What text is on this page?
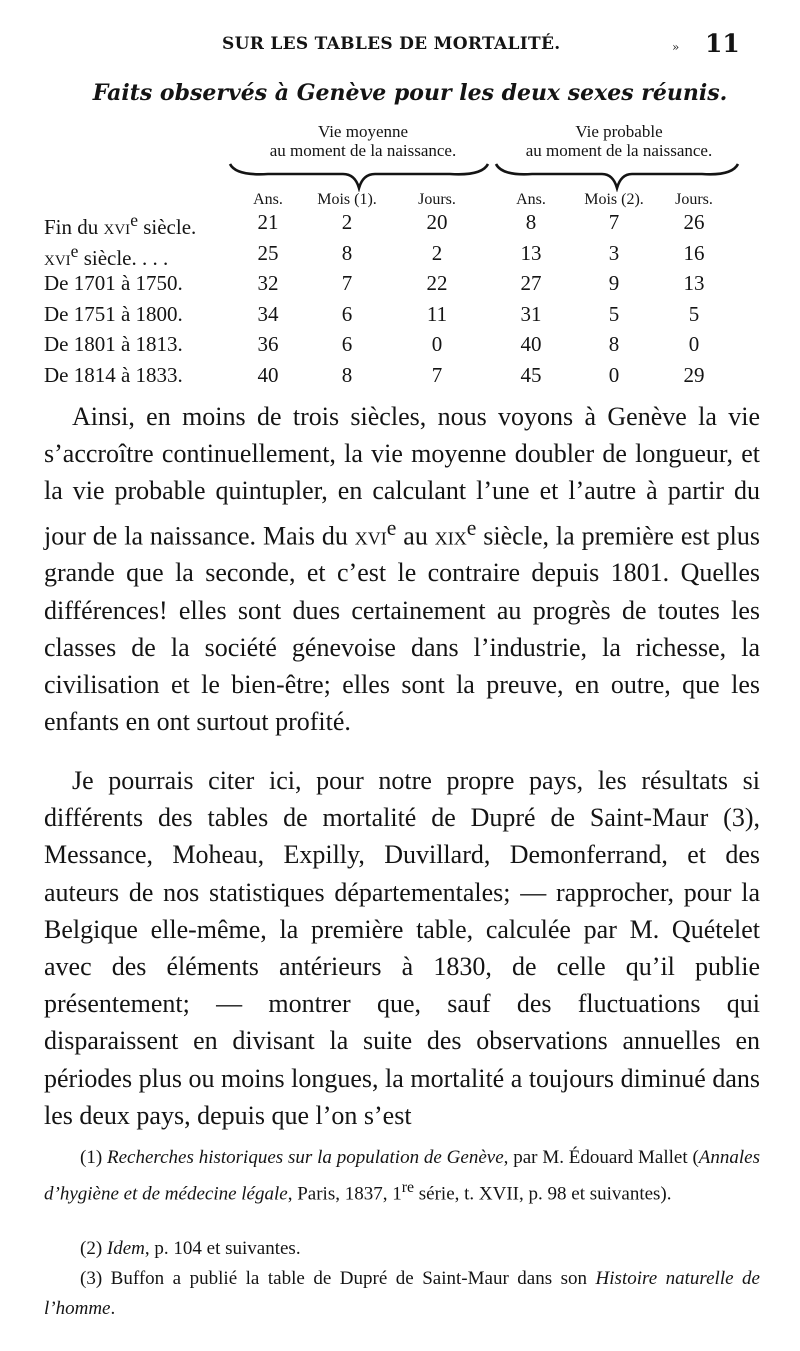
SUR LES TABLES DE MORTALITÉ.	» 11
Faits observés à Genève pour les deux sexes réunis.
Vie moyenne
au moment de la naissance.
Vie probable
au moment de la naissance.
Ans.	Mois (1).	Jours.	Ans.	Mois (2).	Jours.
Fin du xvi$^e$ siècle.	21	2	20	8	7	26
xvi$^e$ siècle. . . .	25	8	2	13	3	16
De 1701 à 1750.	32	7	22	27	9	13
De 1751 à 1800.	34	6	11	31	5	5
De 1801 à 1813.	36	6	0	40	8	0
De 1814 à 1833.	40	8	7	45	0	29

Ainsi, en moins de trois siècles, nous voyons à Genève la vie s’accroître continuellement, la vie moyenne doubler de longueur, et la vie probable quintupler, en calculant l’une et l’autre à partir du jour de la naissance. Mais du xvi$^e$ au xix$^e$ siècle, la première est plus grande que la seconde, et c’est le contraire depuis 1801. Quelles différences! elles sont dues certainement au progrès de toutes les classes de la société génevoise dans l’industrie, la richesse, la civilisation et le bien-être; elles sont la preuve, en outre, que les enfants en ont surtout profité.

Je pourrais citer ici, pour notre propre pays, les résultats si différents des tables de mortalité de Dupré de Saint-Maur (3), Messance, Moheau, Expilly, Duvillard, Demonferrand, et des auteurs de nos statistiques départementales; — rapprocher, pour la Belgique elle-même, la première table, calculée par M. Quételet avec des éléments antérieurs à 1830, de celle qu’il publie présentement; — montrer que, sauf des fluctuations qui disparaissent en divisant la suite des observations annuelles en périodes plus ou moins longues, la mortalité a toujours diminué dans les deux pays, depuis que l’on s’est

(1) Recherches historiques sur la population de Genève, par M. Édouard Mallet (Annales d’hygiène et de médecine légale, Paris, 1837, 1re série, t. XVII, p. 98 et suivantes).

(2) Idem, p. 104 et suivantes.

(3) Buffon a publié la table de Dupré de Saint-Maur dans son Histoire naturelle de l’homme.
